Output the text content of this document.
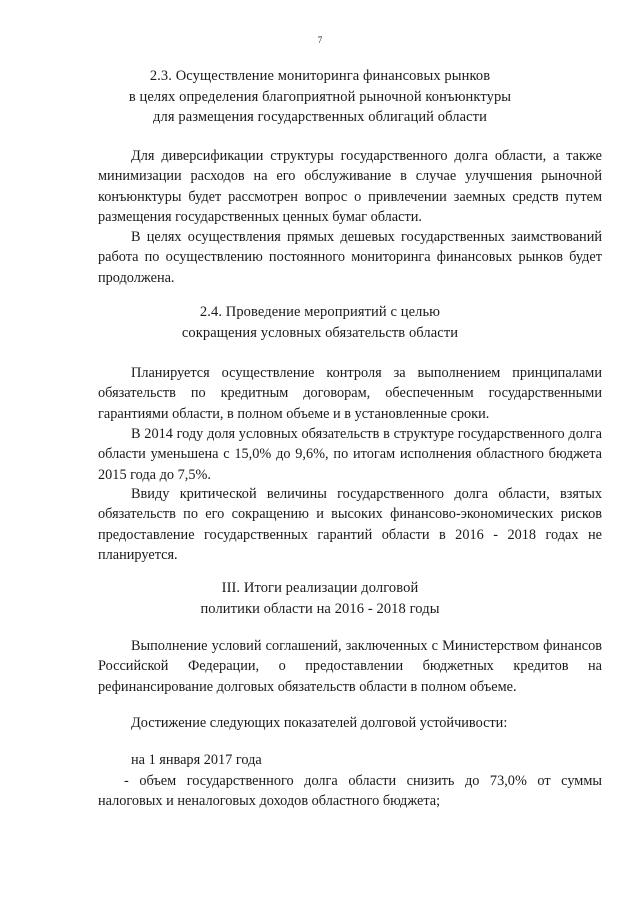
7
2.3. Осуществление мониторинга финансовых рынков
в целях определения благоприятной рыночной конъюнктуры
для размещения государственных облигаций области

Для диверсификации структуры государственного долга области, а также минимизации расходов на его обслуживание в случае улучшения рыночной конъюнктуры будет рассмотрен вопрос о привлечении заемных средств путем размещения государственных ценных бумаг области.

В целях осуществления прямых дешевых государственных заимствований работа по осуществлению постоянного мониторинга финансовых рынков будет продолжена.

2.4. Проведение мероприятий с целью
сокращения условных обязательств области

Планируется осуществление контроля за выполнением принципалами обязательств по кредитным договорам, обеспеченным государственными гарантиями области, в полном объеме и в установленные сроки.

В 2014 году доля условных обязательств в структуре государственного долга области уменьшена с 15,0% до 9,6%, по итогам исполнения областного бюджета 2015 года до 7,5%.

Ввиду критической величины государственного долга области, взятых обязательств по его сокращению и высоких финансово-экономических рисков предоставление государственных гарантий области в 2016 - 2018 годах не планируется.

III. Итоги реализации долговой
политики области на 2016 - 2018 годы

Выполнение условий соглашений, заключенных с Министерством финансов Российской Федерации, о предоставлении бюджетных кредитов на рефинансирование долговых обязательств области в полном объеме.

Достижение следующих показателей долговой устойчивости:

на 1 января 2017 года

- объем государственного долга области снизить до 73,0% от суммы налоговых и неналоговых доходов областного бюджета;
